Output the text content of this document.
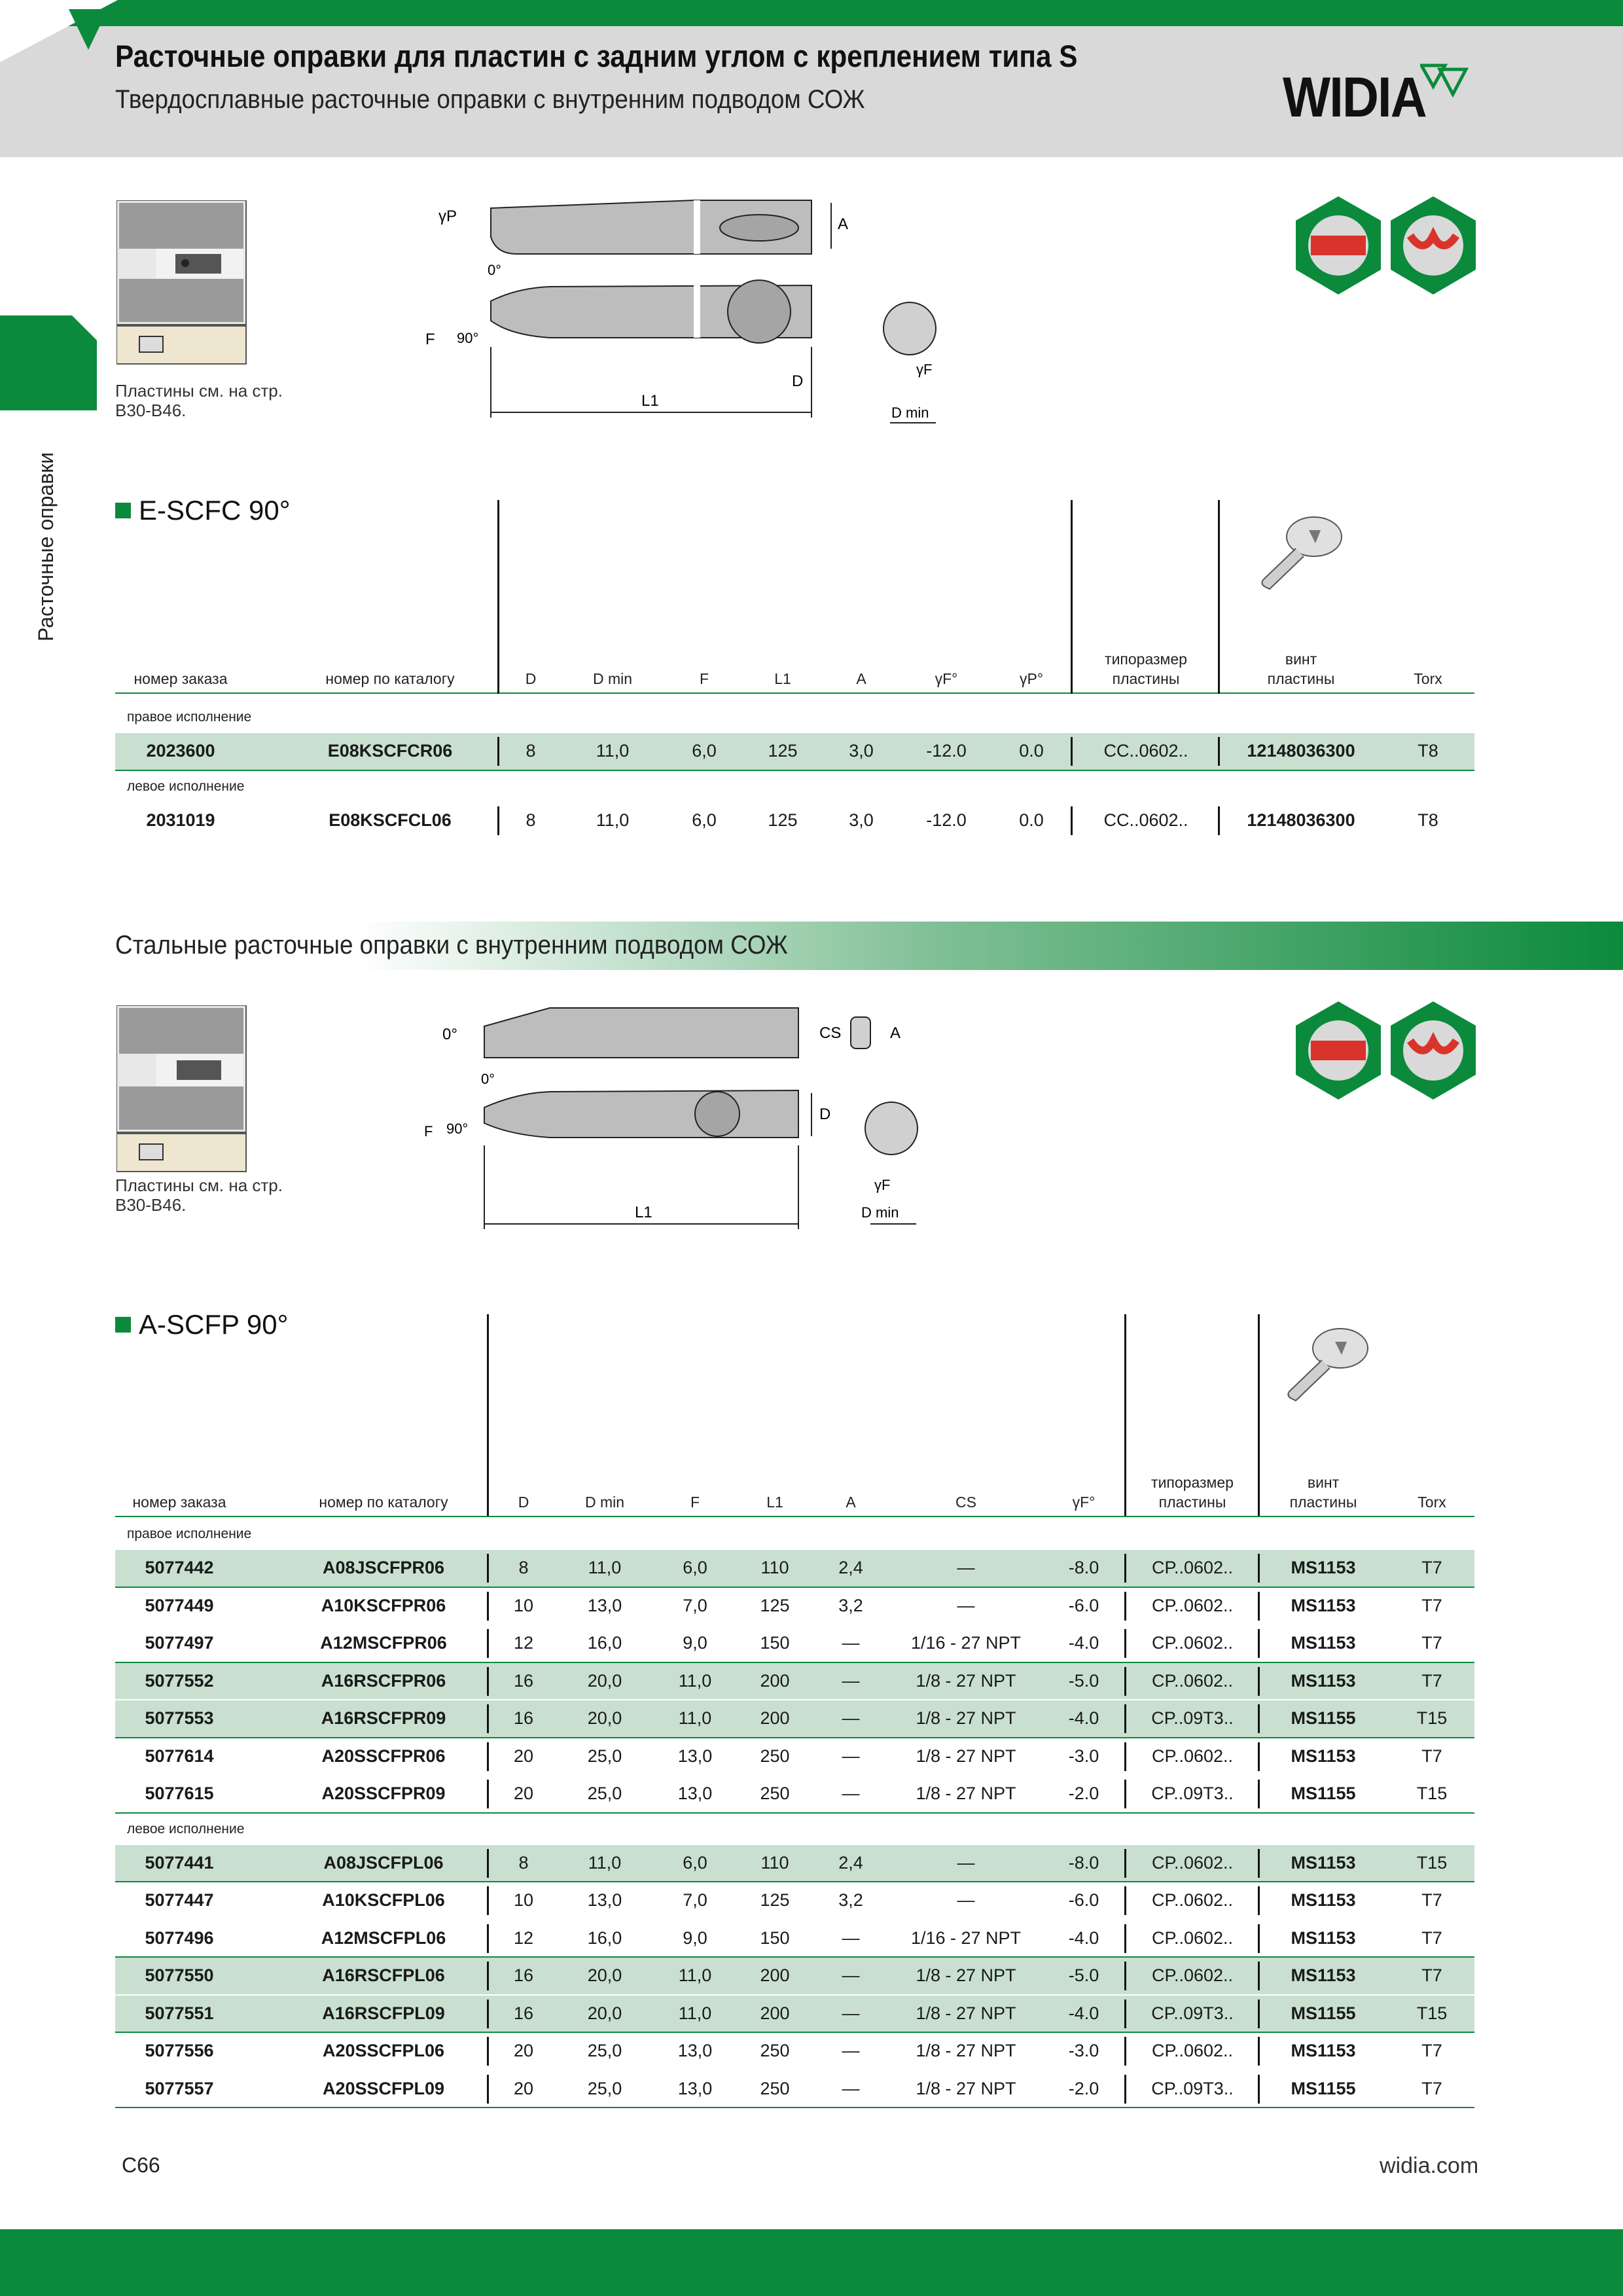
Расточные оправки для пластин с задним углом с креплением типа S
Твердосплавные расточные оправки с внутренним подводом СОЖ	WIDIA
Расточные оправки
Пластины см. на стр.
B30-B46.
γP	A
0°
90°
F
L1
D
γF
D min
E-SCFC 90°
номер заказа	номер по каталогу	D	D min	F	L1	A	γF°	γP°
типоразмер пластины
винт пластины	Torx
правое исполнение
2023600	E08KSCFCR06	8	11,0	6,0	125	3,0	-12.0	0.0	CC..0602..	12148036300	T8
левое исполнение
2031019	E08KSCFCL06	8	11,0	6,0	125	3,0	-12.0	0.0	CC..0602..	12148036300	T8
Стальные расточные оправки с внутренним подводом СОЖ
Пластины см. на стр.
B30-B46.
0°	CS	A
0°
F 90°
D
γF
D min
L1
A-SCFP 90°
номер заказа	номер по каталогу	D	D min	F	L1	A	CS	γF°
типоразмер пластины
винт пластины	Torx
правое исполнение
5077442	A08JSCFPR06	8	11,0	6,0	110	2,4	—	-8.0	CP..0602..	MS1153	T7
5077449	A10KSCFPR06	10	13,0	7,0	125	3,2	—	-6.0	CP..0602..	MS1153	T7
5077497	A12MSCFPR06	12	16,0	9,0	150	—	1/16 - 27 NPT	-4.0	CP..0602..	MS1153	T7
5077552	A16RSCFPR06	16	20,0	11,0	200	—	1/8 - 27 NPT	-5.0	CP..0602..	MS1153	T7
5077553	A16RSCFPR09	16	20,0	11,0	200	—	1/8 - 27 NPT	-4.0	CP..09T3..	MS1155	T15
5077614	A20SSCFPR06	20	25,0	13,0	250	—	1/8 - 27 NPT	-3.0	CP..0602..	MS1153	T7
5077615	A20SSCFPR09	20	25,0	13,0	250	—	1/8 - 27 NPT	-2.0	CP..09T3..	MS1155	T15
левое исполнение
5077441	A08JSCFPL06	8	11,0	6,0	110	2,4	—	-8.0	CP..0602..	MS1153	T15
5077447	A10KSCFPL06	10	13,0	7,0	125	3,2	—	-6.0	CP..0602..	MS1153	T7
5077496	A12MSCFPL06	12	16,0	9,0	150	—	1/16 - 27 NPT	-4.0	CP..0602..	MS1153	T7
5077550	A16RSCFPL06	16	20,0	11,0	200	—	1/8 - 27 NPT	-5.0	CP..0602..	MS1153	T7
5077551	A16RSCFPL09	16	20,0	11,0	200	—	1/8 - 27 NPT	-4.0	CP..09T3..	MS1155	T15
5077556	A20SSCFPL06	20	25,0	13,0	250	—	1/8 - 27 NPT	-3.0	CP..0602..	MS1153	T7
5077557	A20SSCFPL09	20	25,0	13,0	250	—	1/8 - 27 NPT	-2.0	CP..09T3..	MS1155	T7
C66	widia.com
